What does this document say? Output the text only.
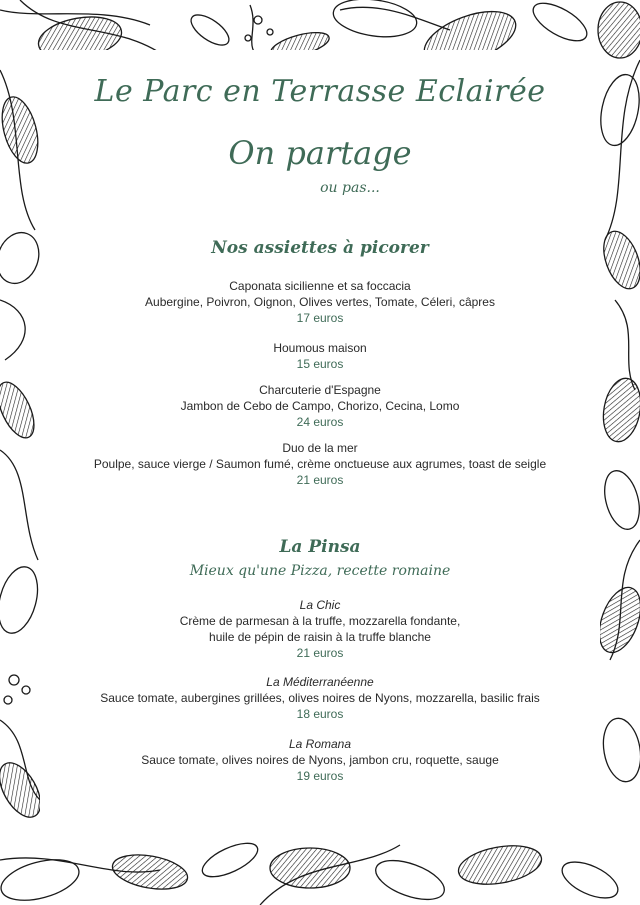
Le Parc en Terrasse Eclairée
On partage
ou pas...
Nos assiettes à picorer
Caponata sicilienne et sa foccacia
Aubergine, Poivron, Oignon, Olives vertes, Tomate, Céleri, câpres
17 euros
Houmous maison
15 euros
Charcuterie d'Espagne
Jambon de Cebo de Campo, Chorizo, Cecina, Lomo
24 euros
Duo de la mer
Poulpe, sauce vierge / Saumon fumé, crème onctueuse aux agrumes, toast de seigle
21 euros
La Pinsa
Mieux qu'une Pizza, recette romaine
La Chic
Crème de parmesan à la truffe, mozzarella fondante,
huile de pépin de raisin à la truffe blanche
21 euros
La Méditerranéenne
Sauce tomate, aubergines grillées, olives noires de Nyons, mozzarella, basilic frais
18 euros
La Romana
Sauce tomate, olives noires de Nyons, jambon cru, roquette, sauge
19 euros
